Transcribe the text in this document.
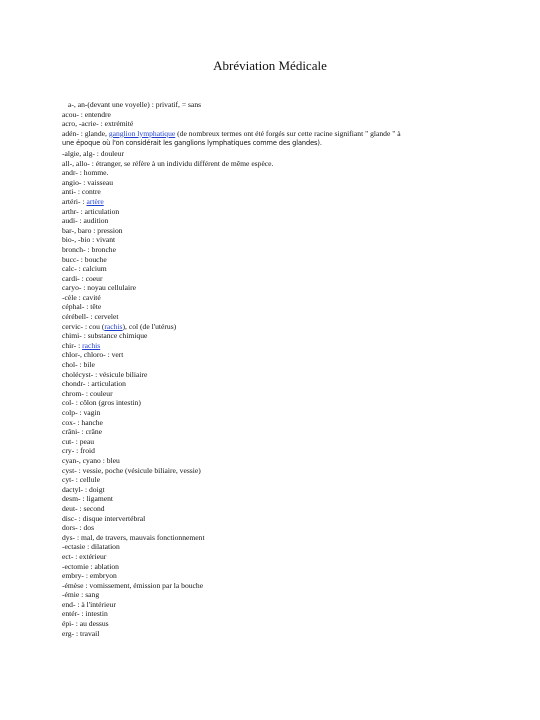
Abréviation Médicale
a-, an-(devant une voyelle) : privatif, = sans
acou- : entendre
acro, -acrie- : extrémité
adén- : glande, ganglion lymphatique (de nombreux termes ont été forgés sur cette racine signifiant " glande " à
une époque où l'on considérait les ganglions lymphatiques comme des glandes).
-algie, alg- : douleur
all-, allo- : étranger, se réfère à un individu différent de même espèce.
andr- : homme.
angio- : vaisseau
anti- : contre
artéri- : artère
arthr- : articulation
audi- : audition
bar-, baro : pression
bio-, -bio : vivant
bronch- : bronche
bucc- : bouche
calc- : calcium
cardi- : coeur
caryo- : noyau cellulaire
-cèle : cavité
céphal- : tête
cérébell- : cervelet
cervic- : cou (rachis), col (de l'utérus)
chimi- : substance chimique
chir- : rachis
chlor-, chloro- : vert
chol- : bile
cholécyst- : vésicule biliaire
chondr- : articulation
chrom- : couleur
col- : côlon (gros intestin)
colp- : vagin
cox- : hanche
crâni- : crâne
cut- : peau
cry- : froid
cyan-, cyano : bleu
cyst- : vessie, poche (vésicule biliaire, vessie)
cyt- : cellule
dactyl- : doigt
desm- : ligament
deut- : second
disc- : disque intervertébral
dors- : dos
dys- : mal, de travers, mauvais fonctionnement
-ectasie : dilatation
ect- : extérieur
-ectomie : ablation
embry- : embryon
-émèse : vomissement, émission par la bouche
-émie : sang
end- : à l'intérieur
entér- : intestin
épi- : au dessus
erg- : travail
